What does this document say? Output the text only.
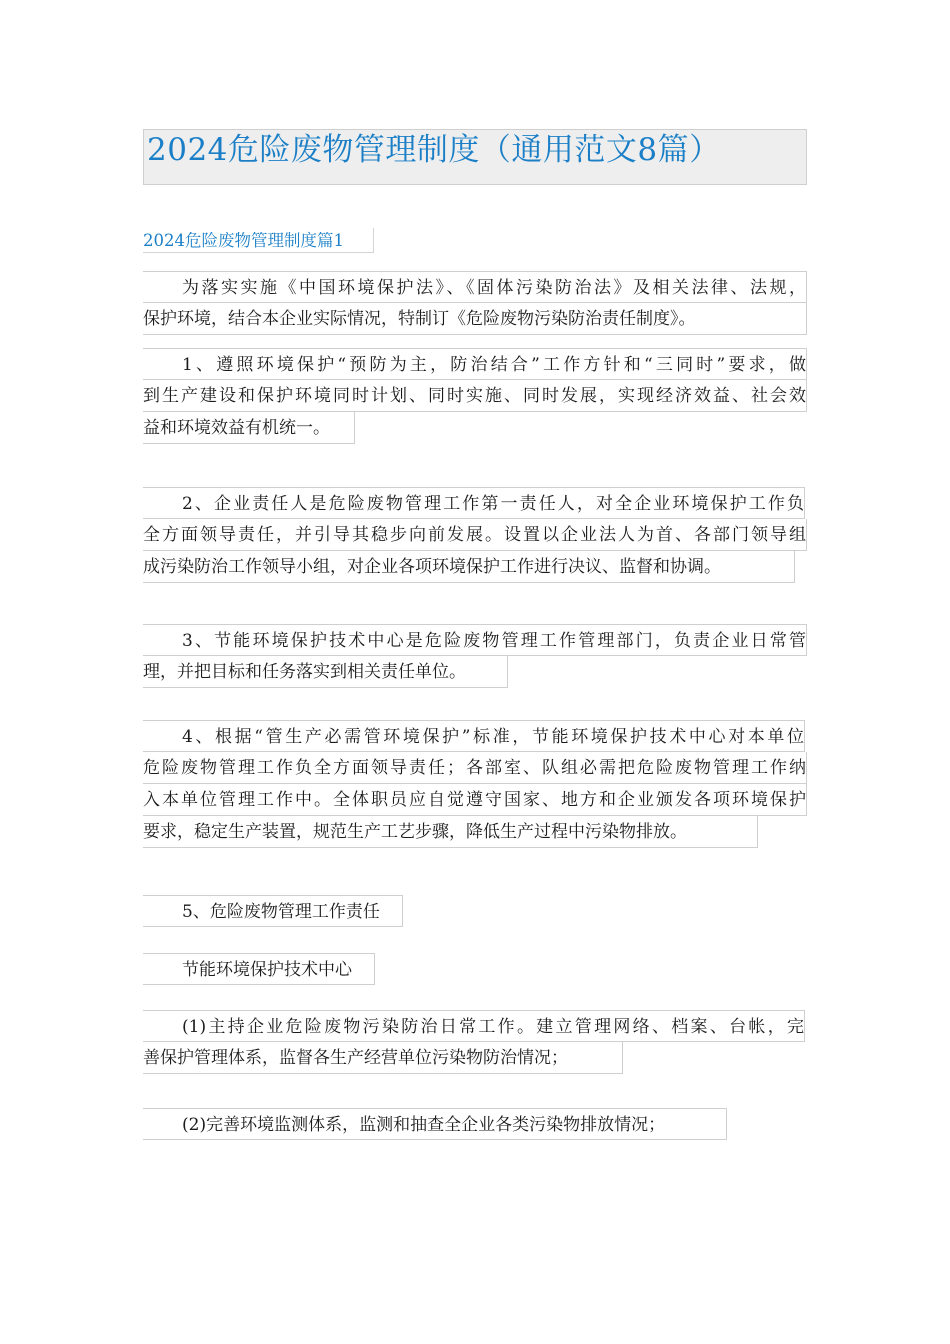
2024危险废物管理制度（通用范文8篇）
2024危险废物管理制度篇1
为落实实施《中国环境保护法》、《固体污染防治法》及相关法律、法规，
保护环境，结合本企业实际情况，特制订《危险废物污染防治责任制度》。
1、遵照环境保护“预防为主，防治结合”工作方针和“三同时”要求，做
到生产建设和保护环境同时计划、同时实施、同时发展，实现经济效益、社会效
益和环境效益有机统一。
2、企业责任人是危险废物管理工作第一责任人，对全企业环境保护工作负
全方面领导责任，并引导其稳步向前发展。设置以企业法人为首、各部门领导组
成污染防治工作领导小组，对企业各项环境保护工作进行决议、监督和协调。
3、节能环境保护技术中心是危险废物管理工作管理部门，负责企业日常管
理，并把目标和任务落实到相关责任单位。
4、根据“管生产必需管环境保护”标准，节能环境保护技术中心对本单位
危险废物管理工作负全方面领导责任；各部室、队组必需把危险废物管理工作纳
入本单位管理工作中。全体职员应自觉遵守国家、地方和企业颁发各项环境保护
要求，稳定生产装置，规范生产工艺步骤，降低生产过程中污染物排放。
5、危险废物管理工作责任
节能环境保护技术中心
(1)主持企业危险废物污染防治日常工作。建立管理网络、档案、台帐，完
善保护管理体系，监督各生产经营单位污染物防治情况；
(2)完善环境监测体系，监测和抽查全企业各类污染物排放情况；
